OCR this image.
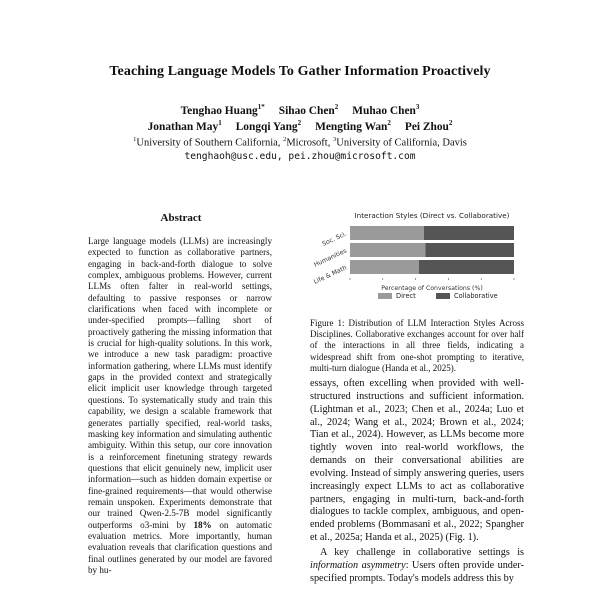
Teaching Language Models To Gather Information Proactively
Tenghao Huang$^{1*}$ Sihao Chen$^2$ Muhao Chen$^3$
Jonathan May$^1$ Longqi Yang$^2$ Mengting Wan$^2$ Pei Zhou$^2$
$^1$University of Southern California, $^2$Microsoft, $^3$University of California, Davis
tenghaoh@usc.edu, pei.zhou@microsoft.com
Abstract
Large language models (LLMs) are increasingly expected to function as collaborative partners, engaging in back-and-forth dialogue to solve complex, ambiguous problems. However, current LLMs often falter in real-world settings, defaulting to passive responses or narrow clarifications when faced with incomplete or under-specified prompts—falling short of proactively gathering the missing information that is crucial for high-quality solutions. In this work, we introduce a new task paradigm: proactive information gathering, where LLMs must identify gaps in the provided context and strategically elicit implicit user knowledge through targeted questions. To systematically study and train this capability, we design a scalable framework that generates partially specified, real-world tasks, masking key information and simulating authentic ambiguity. Within this setup, our core innovation is a reinforcement finetuning strategy rewards questions that elicit genuinely new, implicit user information—such as hidden domain expertise or fine-grained requirements—that would otherwise remain unspoken. Experiments demonstrate that our trained Qwen-2.5-7B model significantly outperforms o3-mini by 18% on automatic evaluation metrics. More importantly, human evaluation reveals that clarification questions and final outlines generated by our model are favored by hu-
Interaction Styles (Direct vs. Collaborative)
Soc. Sci.
Humanities
Life & Math
Percentage of Conversations (%)
Direct	Collaborative
Figure 1: Distribution of LLM Interaction Styles Across Disciplines. Collaborative exchanges account for over half of the interactions in all three fields, indicating a widespread shift from one-shot prompting to iterative, multi-turn dialogue (Handa et al., 2025).

essays, often excelling when provided with well-structured instructions and sufficient information. (Lightman et al., 2023; Chen et al., 2024a; Luo et al., 2024; Wang et al., 2024; Brown et al., 2024; Tian et al., 2024). However, as LLMs become more tightly woven into real-world workflows, the demands on their conversational abilities are evolving. Instead of simply answering queries, users increasingly expect LLMs to act as collaborative partners, engaging in multi-turn, back-and-forth dialogues to tackle complex, ambiguous, and open-ended problems (Bommasani et al., 2022; Spangher et al., 2025a; Handa et al., 2025) (Fig. 1).

A key challenge in collaborative settings is information asymmetry: Users often provide under-specified prompts. Today's models address this by
